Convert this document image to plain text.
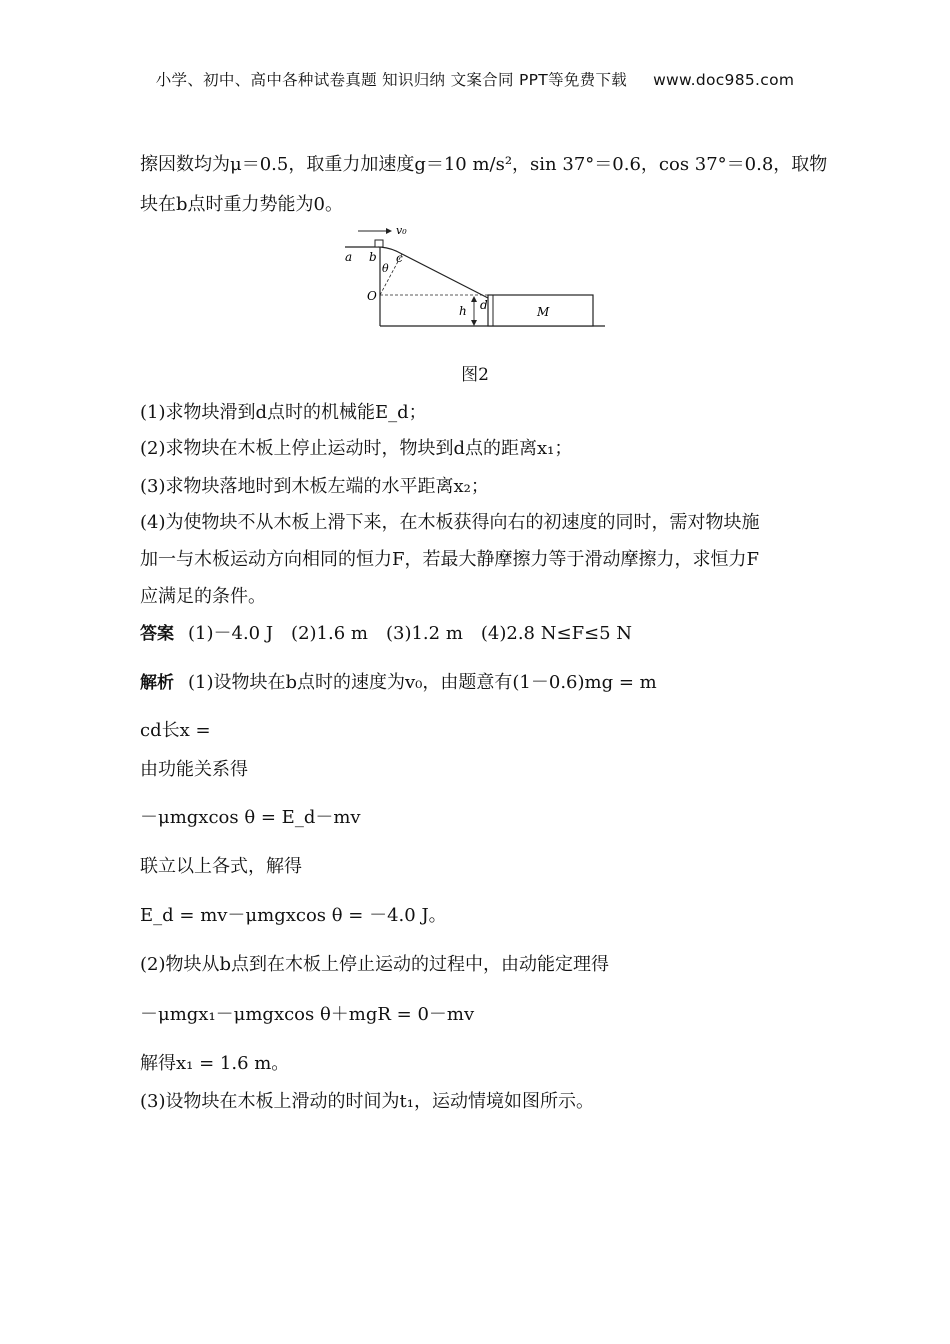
小学、初中、高中各种试卷真题 知识归纳 文案合同 PPT等免费下载 www.doc985.com
擦因数均为μ＝0.5，取重力加速度g＝10 m/s²，sin 37°＝0.6，cos 37°＝0.8，取物
块在b点时重力势能为0。
v₀
a b c
θ
O
d
h	M
图2
(1)求物块滑到d点时的机械能E_d；
(2)求物块在木板上停止运动时，物块到d点的距离x₁；
(3)求物块落地时到木板左端的水平距离x₂；
(4)为使物块不从木板上滑下来，在木板获得向右的初速度的同时，需对物块施
加一与木板运动方向相同的恒力F，若最大静摩擦力等于滑动摩擦力，求恒力F
应满足的条件。
答案 (1)－4.0 J　(2)1.6 m　(3)1.2 m　(4)2.8 N≤F≤5 N
解析 (1)设物块在b点时的速度为v₀，由题意有(1－0.6)mg = m
cd长x =
由功能关系得
－μmgxcos θ = E_d－mv
联立以上各式，解得
E_d = mv－μmgxcos θ = －4.0 J。
(2)物块从b点到在木板上停止运动的过程中，由动能定理得
－μmgx₁－μmgxcos θ＋mgR = 0－mv
解得x₁ = 1.6 m。
(3)设物块在木板上滑动的时间为t₁，运动情境如图所示。
